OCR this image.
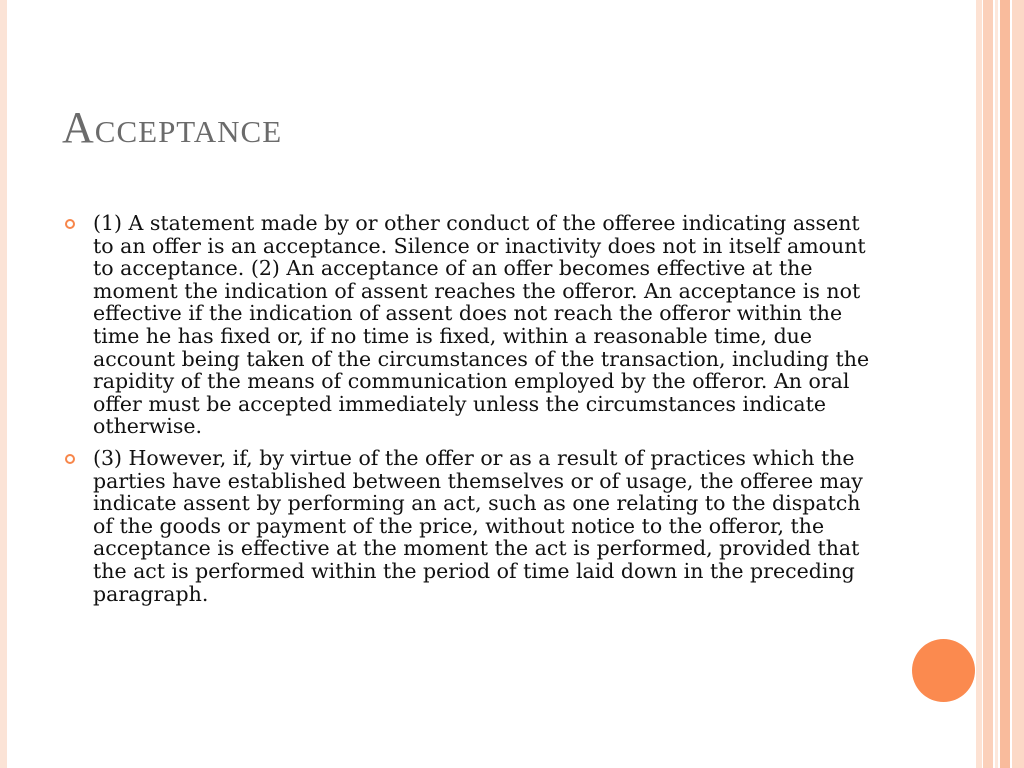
Acceptance
(1) A statement made by or other conduct of the offeree indicating assent to an offer is an acceptance. Silence or inactivity does not in itself amount to acceptance. (2) An acceptance of an offer becomes effective at the moment the indication of assent reaches the offeror. An acceptance is not effective if the indication of assent does not reach the offeror within the time he has fixed or, if no time is fixed, within a reasonable time, due account being taken of the circumstances of the transaction, including the rapidity of the means of communication employed by the offeror. An oral offer must be accepted immediately unless the circumstances indicate otherwise.
(3) However, if, by virtue of the offer or as a result of practices which the parties have established between themselves or of usage, the offeree may indicate assent by performing an act, such as one relating to the dispatch of the goods or payment of the price, without notice to the offeror, the acceptance is effective at the moment the act is performed, provided that the act is performed within the period of time laid down in the preceding paragraph.
